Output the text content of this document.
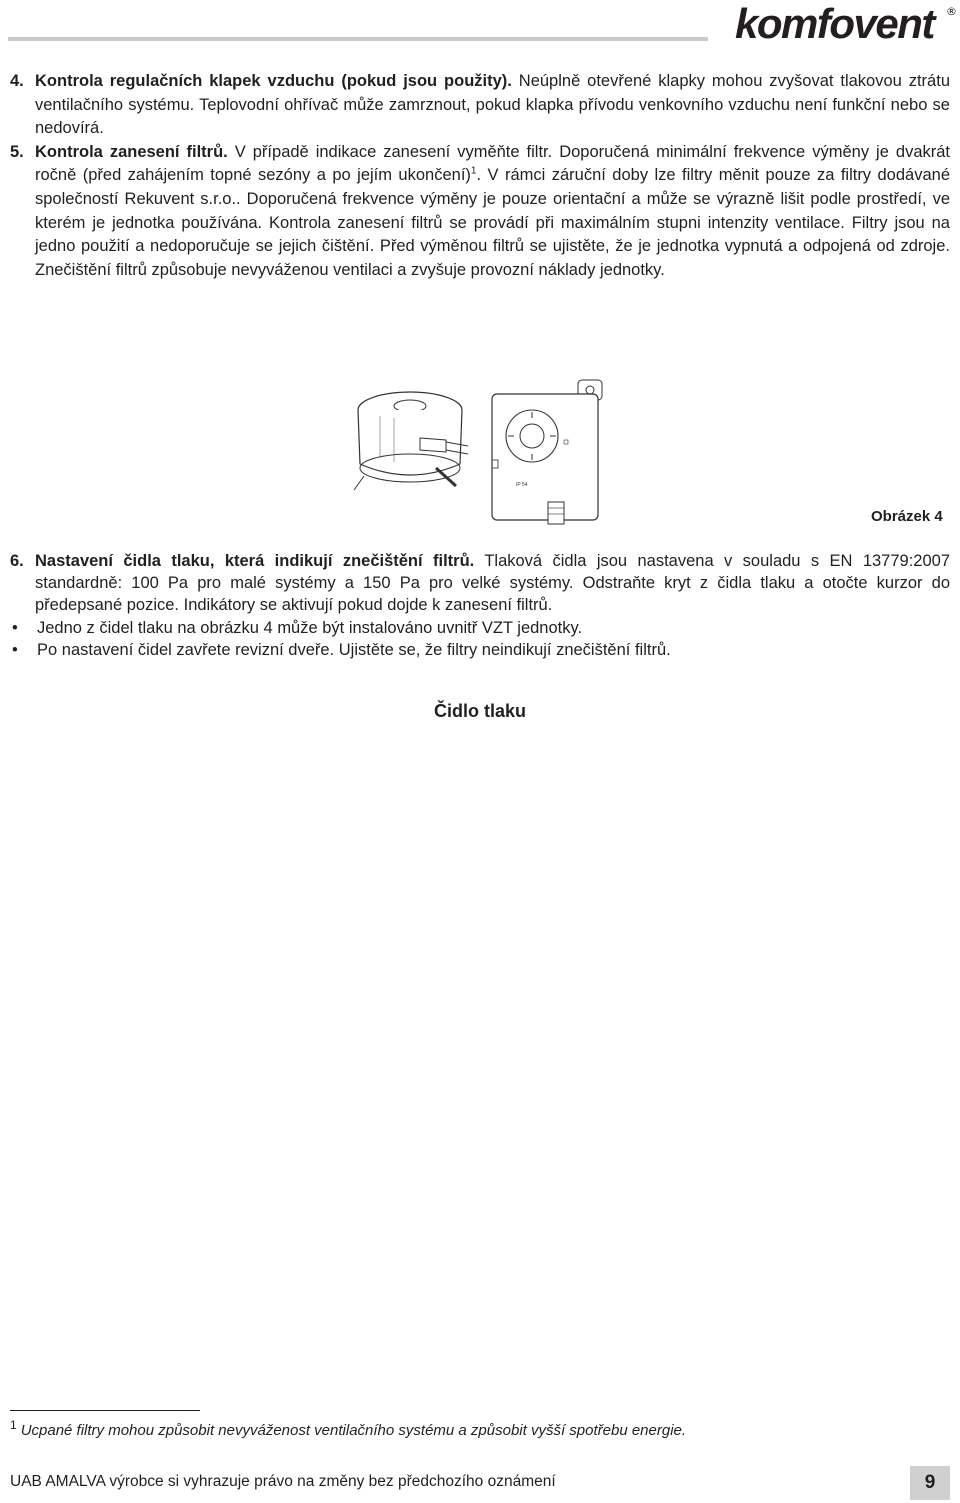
komfovent ®
4. Kontrola regulačních klapek vzduchu (pokud jsou použity). Neúplně otevřené klapky mohou zvyšovat tlakovou ztrátu ventilačního systému. Teplovodní ohřívač může zamrznout, pokud klapka přívodu venkovního vzduchu není funkční nebo se nedovírá.

5. Kontrola zanesení filtrů. V případě indikace zanesení vyměňte filtr. Doporučená minimální frekvence výměny je dvakrát ročně (před zahájením topné sezóny a po jejím ukončení)$^1$. V rámci záruční doby lze filtry měnit pouze za filtry dodávané společností Rekuvent s.r.o.. Doporučená frekvence výměny je pouze orientační a může se výrazně lišit podle prostředí, ve kterém je jednotka používána. Kontrola zanesení filtrů se provádí při maximálním stupni intenzity ventilace. Filtry jsou na jedno použití a nedoporučuje se jejich čištění. Před výměnou filtrů se ujistěte, že je jednotka vypnutá a odpojená od zdroje. Znečištění filtrů způsobuje nevyváženou ventilaci a zvyšuje provozní náklady jednotky.

Čidlo tlaku
IP 54
Obrázek 4
6. Nastavení čidla tlaku, která indikují znečištění filtrů. Tlaková čidla jsou nastavena v souladu s EN 13779:2007 standardně: 100 Pa pro malé systémy a 150 Pa pro velké systémy. Odstraňte kryt z čidla tlaku a otočte kurzor do předepsané pozice. Indikátory se aktivují pokud dojde k zanesení filtrů.

•	Jedno z čidel tlaku na obrázku 4 může být instalováno uvnitř VZT jednotky.
•	Po nastavení čidel zavřete revizní dveře. Ujistěte se, že filtry neindikují znečištění filtrů.
$^1$ Ucpané filtry mohou způsobit nevyváženost ventilačního systému a způsobit vyšší spotřebu energie.
UAB AMALVA výrobce si vyhrazuje právo na změny bez předchozího oznámení	9
